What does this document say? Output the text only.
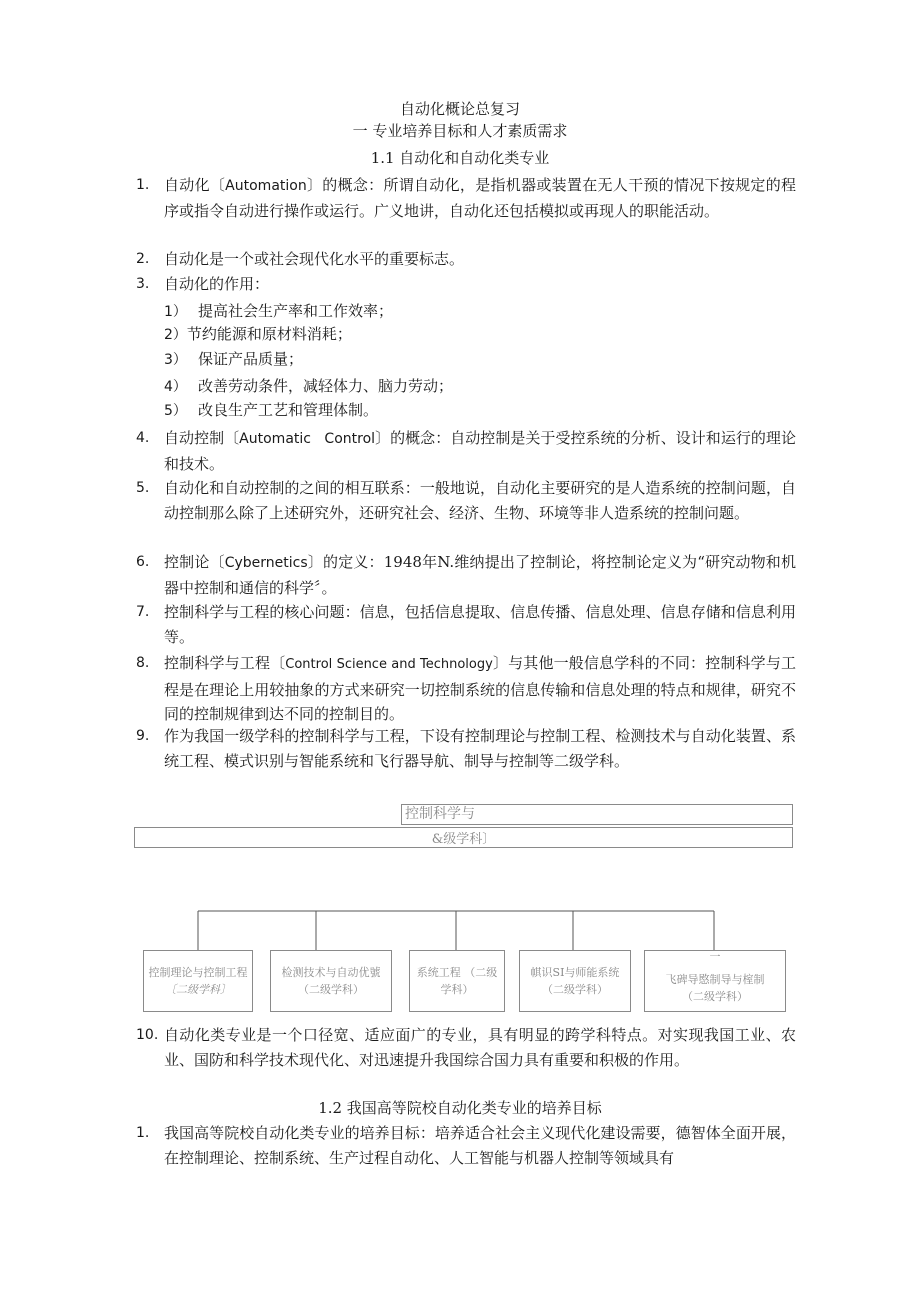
自动化概论总复习
一 专业培养目标和人才素质需求
1.1 自动化和自动化类专业
1. 自动化〔Automation〕的概念：所谓自动化，是指机器或装置在无人干预的情况下按规定的程序或指令自动进行操作或运行。广义地讲，自动化还包括模拟或再现人的职能活动。
2. 自动化是一个或社会现代化水平的重要标志。
3. 自动化的作用：
1） 提高社会生产率和工作效率；
2）节约能源和原材料消耗；
3） 保证产品质量；
4） 改善劳动条件，减轻体力、脑力劳动；
5） 改良生产工艺和管理体制。
4. 自动控制〔Automatic   Control〕的概念：自动控制是关于受控系统的分析、设计和运行的理论和技术。
5. 自动化和自动控制的之间的相互联系：一般地说，自动化主要研究的是人造系统的控制问题，自动控制那么除了上述研究外，还研究社会、经济、生物、环境等非人造系统的控制问题。
6. 控制论〔Cybernetics〕的定义：1948年N.维纳提出了控制论，将控制论定义为“研究动物和机器中控制和通信的科学〞。
7. 控制科学与工程的核心问题：信息，包括信息提取、信息传播、信息处理、信息存储和信息利用等。
8. 控制科学与工程〔Control Science and Technology〕与其他一般信息学科的不同：控制科学与工程是在理论上用较抽象的方式来研究一切控制系统的信息传输和信息处理的特点和规律，研究不同的控制规律到达不同的控制目的。
9. 作为我国一级学科的控制科学与工程，下设有控制理论与控制工程、检测技术与自动化装置、系统工程、模式识别与智能系统和飞行器导航、制导与控制等二级学科。
控制科学与
&级学科〕
控制理论与控制工程
〔二级学科〕
检测技术与自动优號
（二级学科）
系统工程 （二级
学科）
帺识SI与师能系统
（二级学科）
一
飞碑导愍制导与榁制
（二级学科）
10. 自动化类专业是一个口径宽、适应面广的专业，具有明显的跨学科特点。对实现我国工业、农业、国防和科学技术现代化、对迅速提升我国综合国力具有重要和积极的作用。
1.2 我国高等院校自动化类专业的培养目标
1. 我国高等院校自动化类专业的培养目标：培养适合社会主义现代化建设需要，德智体全面开展，在控制理论、控制系统、生产过程自动化、人工智能与机器人控制等领域具有
